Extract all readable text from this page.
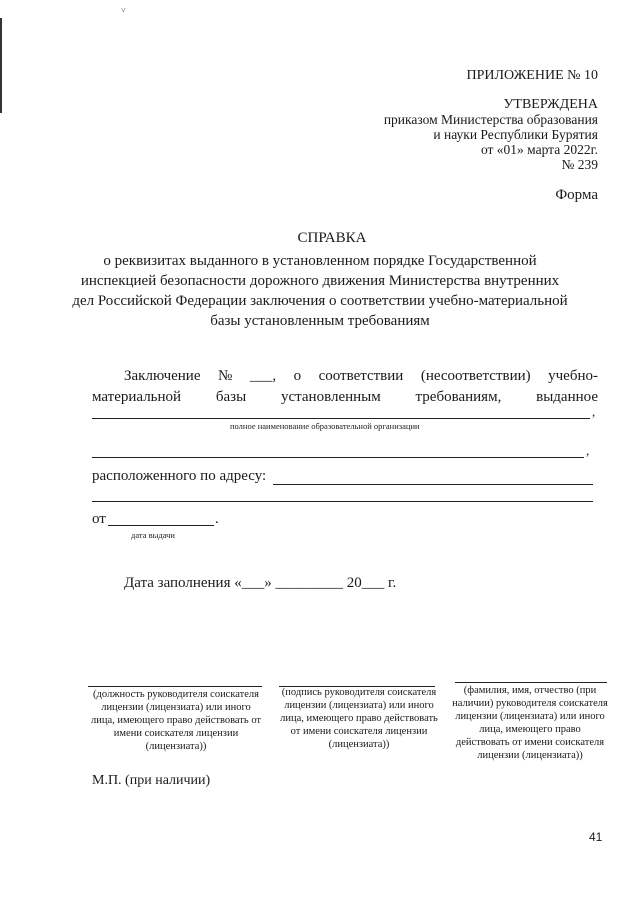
˅
ПРИЛОЖЕНИЕ № 10
УТВЕРЖДЕНА
приказом Министерства образования
и науки Республики Бурятия
от «01» марта 2022г.
№ 239
Форма
СПРАВКА
о реквизитах выданного в установленном порядке Государственной
инспекцией безопасности дорожного движения Министерства внутренних
дел Российской Федерации заключения о соответствии учебно-материальной
базы установленным требованиям
Заключение № ___, о соответствии (несоответствии) учебно-
материальной базы установленным требованиям, выданное
,
полное наименование образовательной организации
,
расположенного по адресу:
от	.
дата выдачи
Дата заполнения «___» _________ 20___ г.
(должность руководителя соискателя лицензии (лицензиата) или иного лица, имеющего право действовать от имени соискателя лицензии (лицензиата))
(подпись руководителя соискателя лицензии (лицензиата) или иного лица, имеющего право действовать от имени соискателя лицензии (лицензиата))
(фамилия, имя, отчество (при наличии) руководителя соискателя лицензии (лицензиата) или иного лица, имеющего право действовать от имени соискателя лицензии (лицензиата))
М.П. (при наличии)
41
